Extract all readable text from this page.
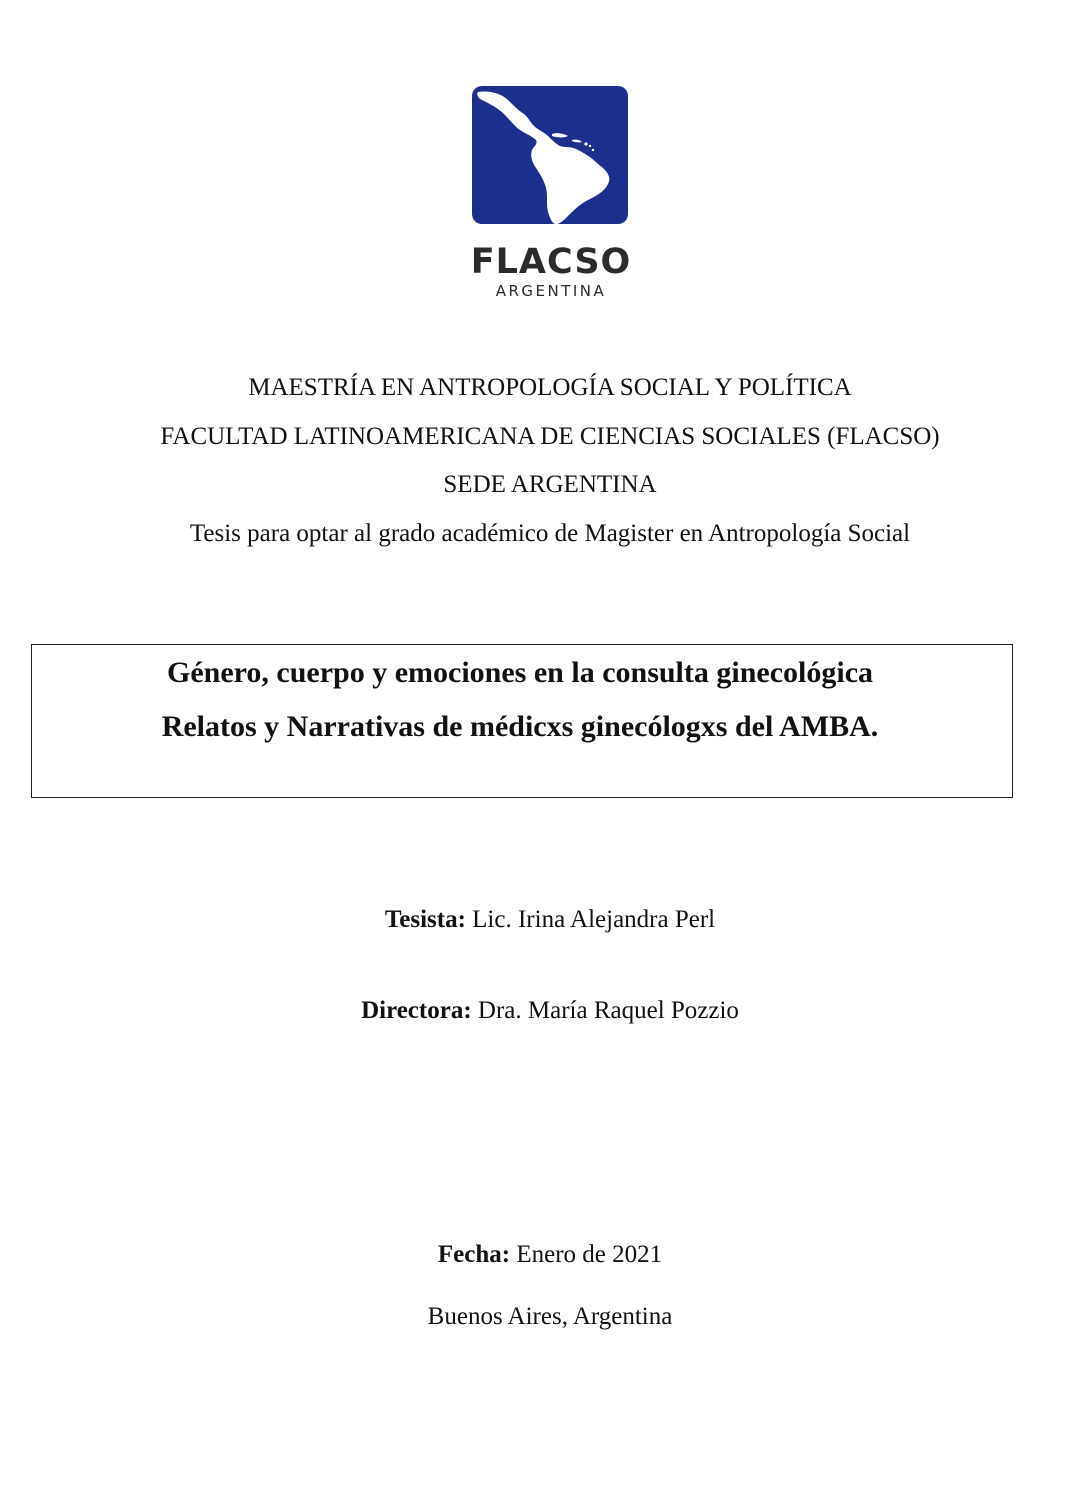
FLACSO
ARGENTINA
MAESTRÍA EN ANTROPOLOGÍA SOCIAL Y POLÍTICA
FACULTAD LATINOAMERICANA DE CIENCIAS SOCIALES (FLACSO)
SEDE ARGENTINA
Tesis para optar al grado académico de Magister en Antropología Social
Género, cuerpo y emociones en la consulta ginecológica
Relatos y Narrativas de médicxs ginecólogxs del AMBA.
Tesista: Lic. Irina Alejandra Perl
Directora: Dra. María Raquel Pozzio
Fecha: Enero de 2021
Buenos Aires, Argentina
